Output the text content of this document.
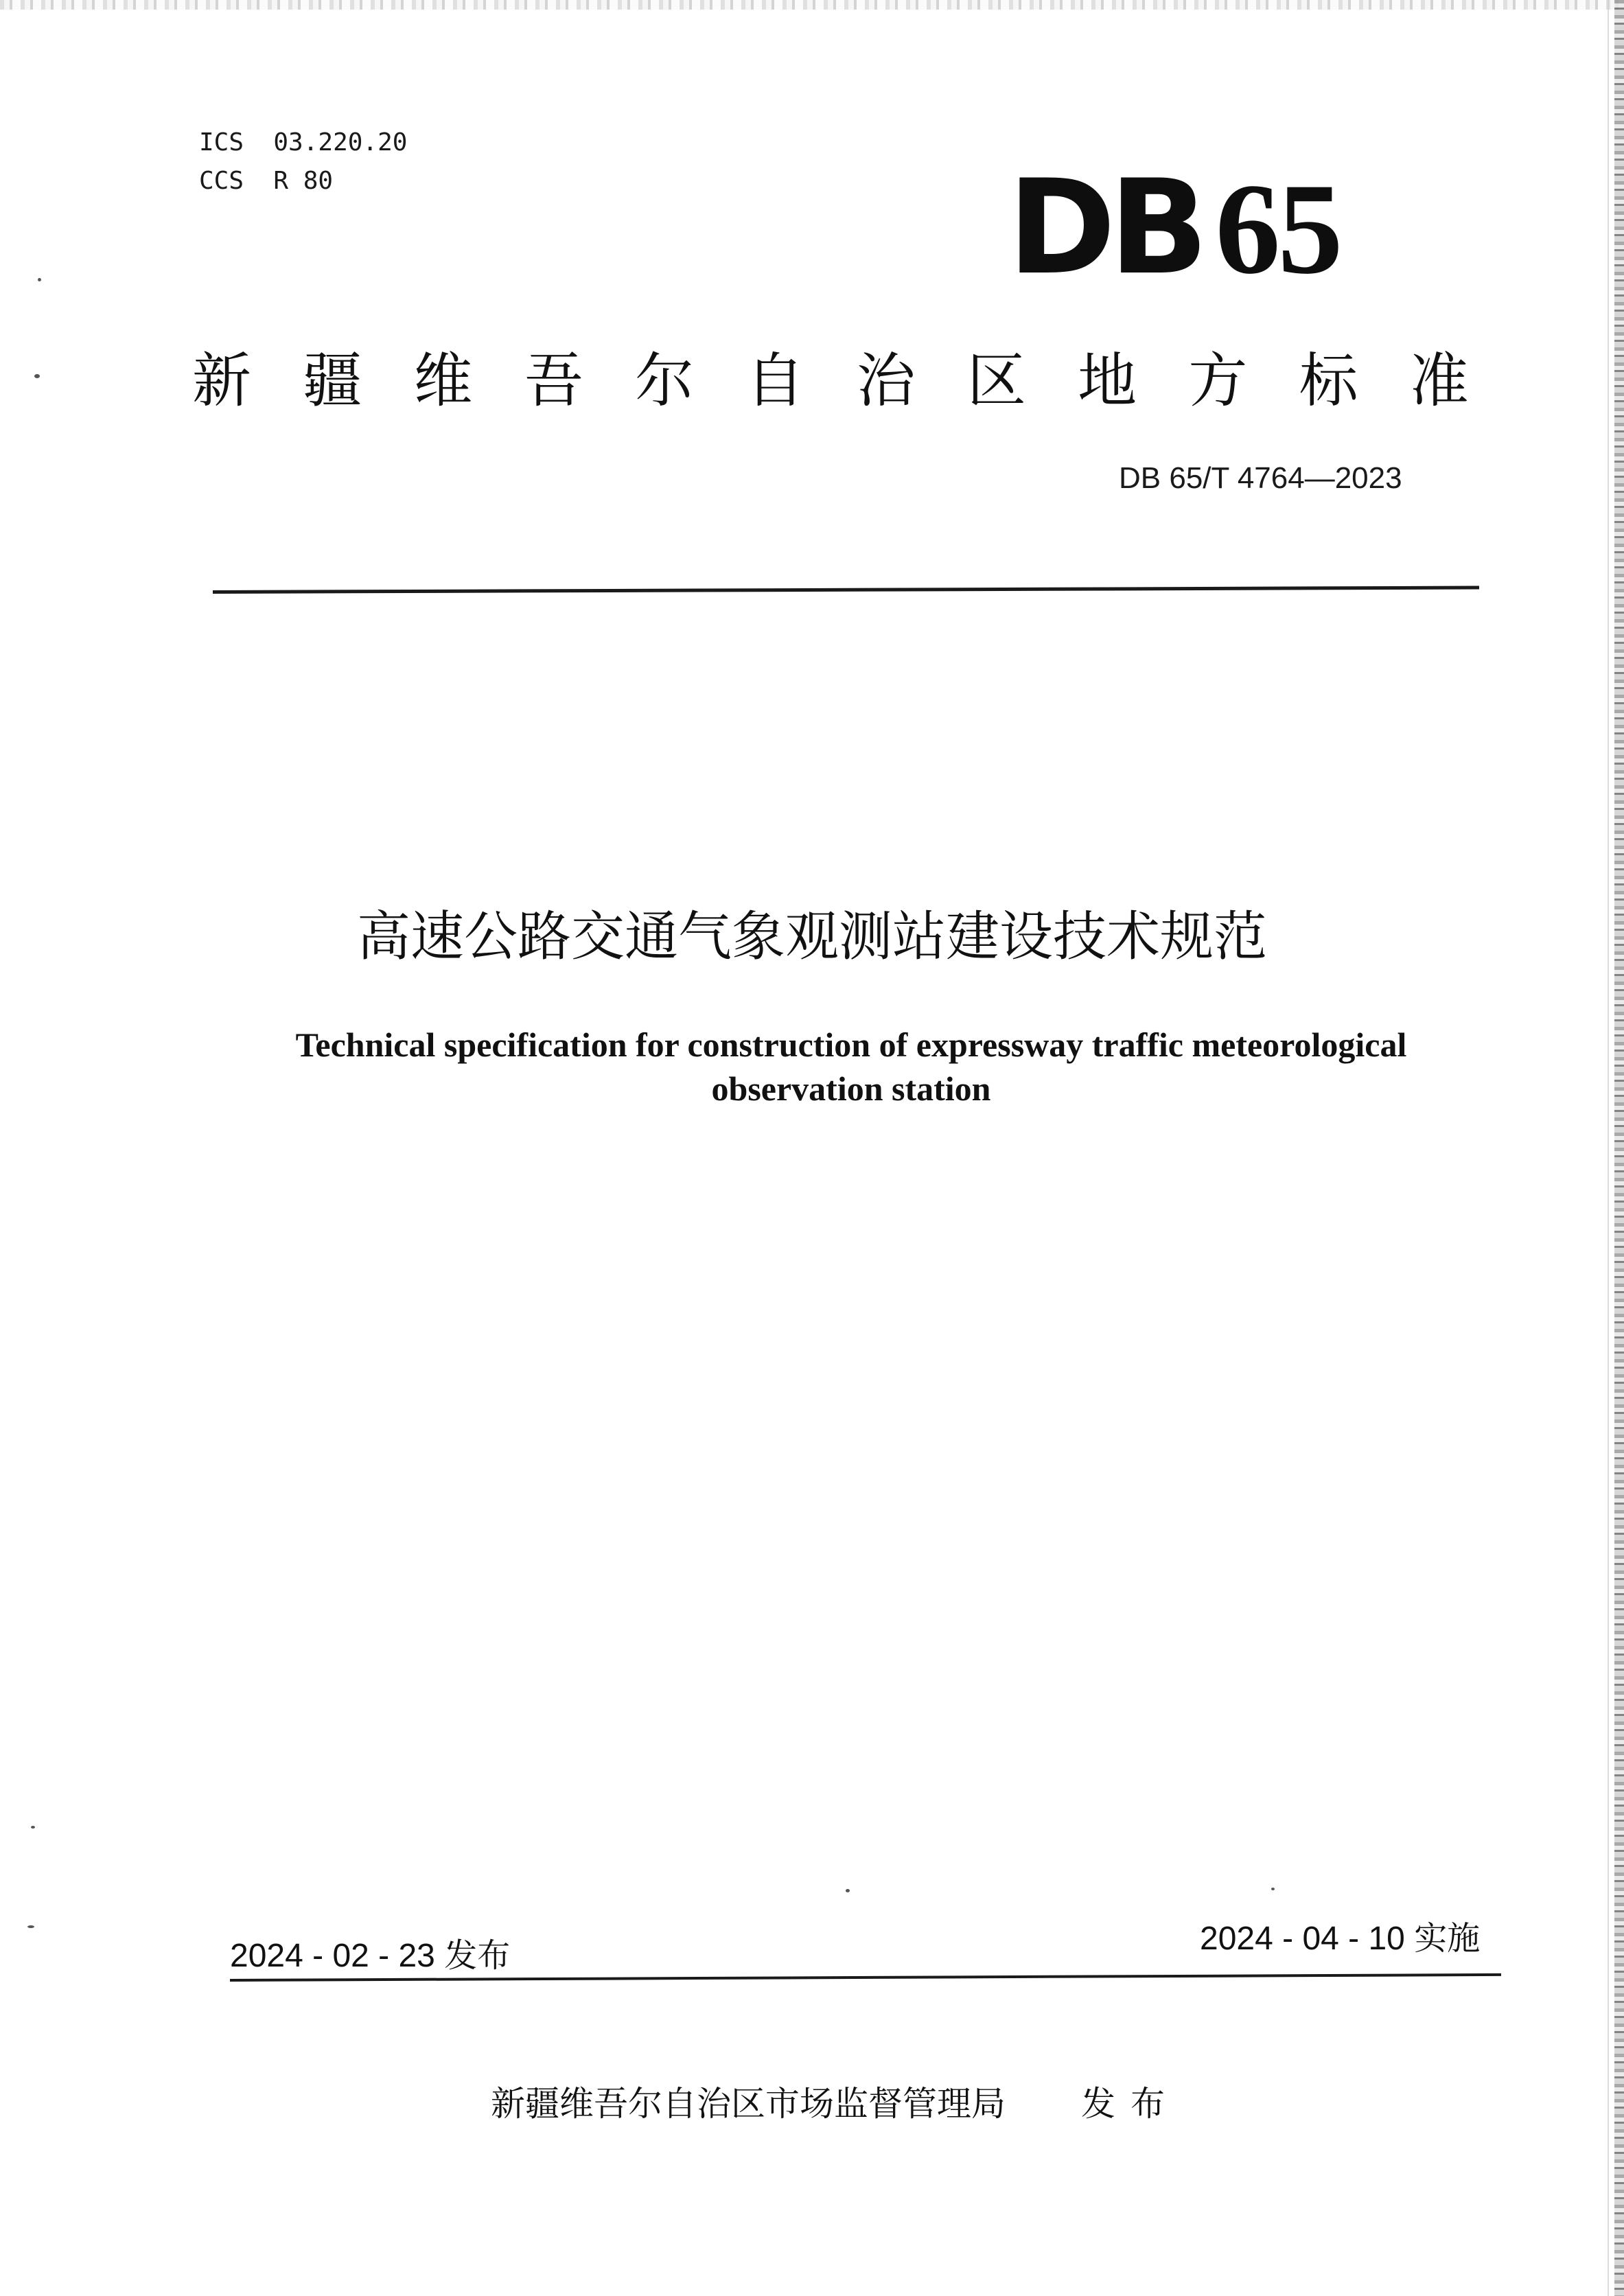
ICS  03.220.20
CCS  R 80	DB 65
新 疆 维 吾 尔 自 治 区 地 方 标 准
DB 65/T 4764—2023
高速公路交通气象观测站建设技术规范
Technical specification for construction of expressway traffic meteorological observation station
2024 - 02 - 23 发布	2024 - 04 - 10 实施
新疆维吾尔自治区市场监督管理局 发布
